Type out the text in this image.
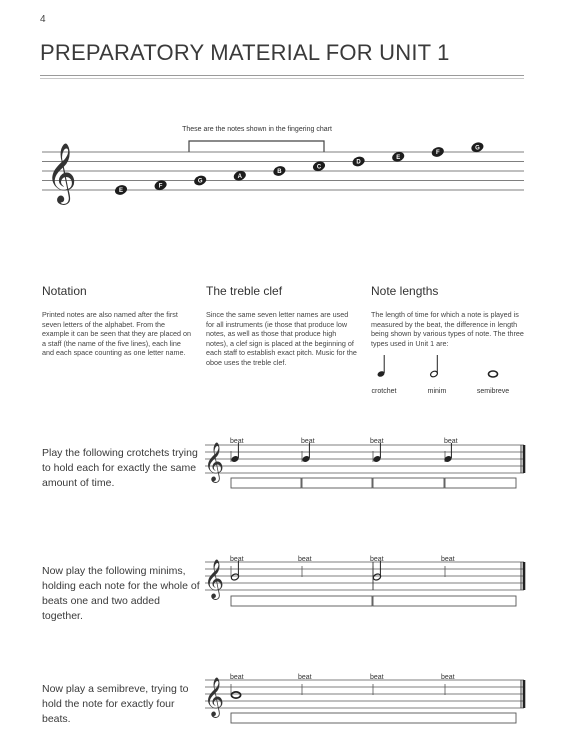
4
PREPARATORY MATERIAL FOR UNIT 1
These are the notes shown in the fingering chart
𝄞	E
F
G
A
B
C
D
E
F
G
Notation

Printed notes are also named after the first seven letters of the alphabet. From the example it can be seen that they are placed on a staff (the name of the five lines), each line and each space counting as one letter name.

The treble clef

Since the same seven letter names are used for all instruments (ie those that produce low notes, as well as those that produce high notes), a clef sign is placed at the beginning of each staff to establish exact pitch. Music for the oboe uses the treble clef.

Note lengths

The length of time for which a note is played is measured by the beat, the difference in length being shown by various types of note. The three types used in Unit 1 are:

crotchet	minim	semibreve
Play the following crotchets trying to hold each for exactly the same amount of time.
𝄞
beat	beat	beat	beat
Now play the following minims, holding each note for the whole of beats one and two added together.
𝄞 beat	beat	beat	beat
Now play a semibreve, trying to hold the note for exactly four beats.
𝄞 beat	beat	beat	beat
